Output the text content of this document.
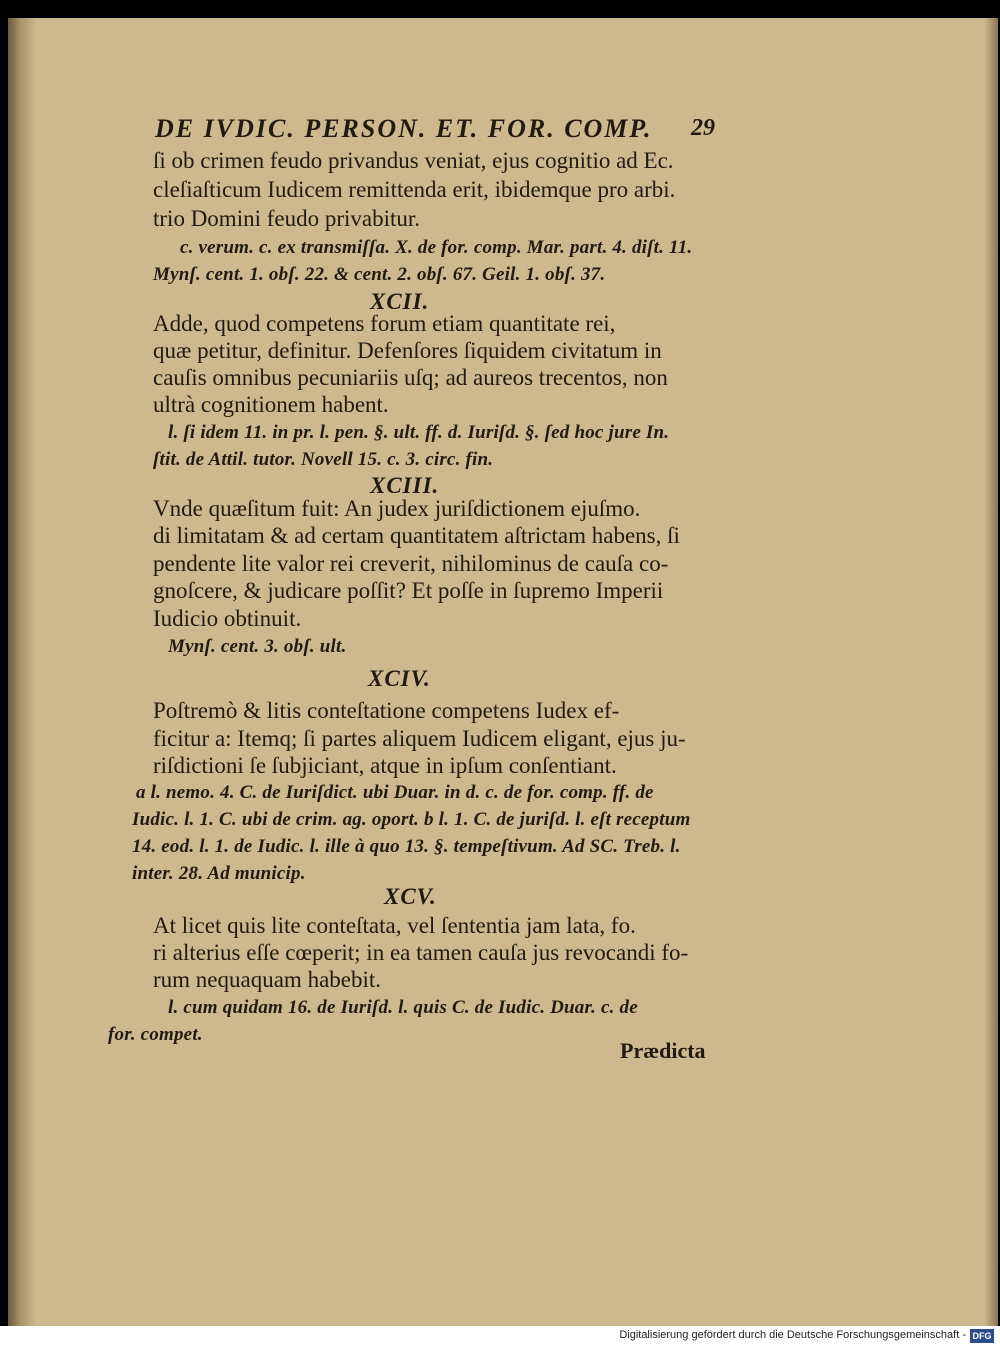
DE IVDIC. PERSON. ET. FOR. COMP. 29
ſi ob crimen feudo privandus veniat, ejus cognitio ad Ec.
cleſiaſticum Iudicem remittenda erit, ibidemque pro arbi.
trio Domini feudo privabitur.
c. verum. c. ex transmiſſa. X. de for. comp. Mar. part. 4. diſt. 11.
Mynſ. cent. 1. obſ. 22. & cent. 2. obſ. 67. Geil. 1. obſ. 37.
XCII.
Adde, quod competens forum etiam quantitate rei,
quæ petitur, definitur. Defenſores ſiquidem civitatum in
cauſis omnibus pecuniariis uſq; ad aureos trecentos, non
ultrà cognitionem habent.
l. ſi idem 11. in pr. l. pen. §. ult. ff. d. Iuriſd. §. ſed hoc jure In.
ſtit. de Attil. tutor. Novell 15. c. 3. circ. fin.
XCIII.
Vnde quæſitum fuit: An judex juriſdictionem ejuſmo.
di limitatam & ad certam quantitatem aſtrictam habens, ſi
pendente lite valor rei creverit, nihilominus de cauſa co-
gnoſcere, & judicare poſſit? Et poſſe in ſupremo Imperii
Iudicio obtinuit.
Mynſ. cent. 3. obſ. ult.
XCIV.
Poſtremò & litis conteſtatione competens Iudex ef-
ficitur a: Itemq; ſi partes aliquem Iudicem eligant, ejus ju-
riſdictioni ſe ſubjiciant, atque in ipſum conſentiant.
a l. nemo. 4. C. de Iuriſdict. ubi Duar. in d. c. de for. comp. ff. de
Iudic. l. 1. C. ubi de crim. ag. oport. b l. 1. C. de juriſd. l. eſt receptum
14. eod. l. 1. de Iudic. l. ille à quo 13. §. tempeſtivum. Ad SC. Treb. l.
inter. 28. Ad municip.
XCV.
At licet quis lite conteſtata, vel ſententia jam lata, fo.
ri alterius eſſe cœperit; in ea tamen cauſa jus revocandi fo-
rum nequaquam habebit.
l. cum quidam 16. de Iuriſd. l. quis C. de Iudic. Duar. c. de
for. compet.
Prædicta
Digitalisierung gefördert durch die Deutsche Forschungsgemeinschaft - DFG
